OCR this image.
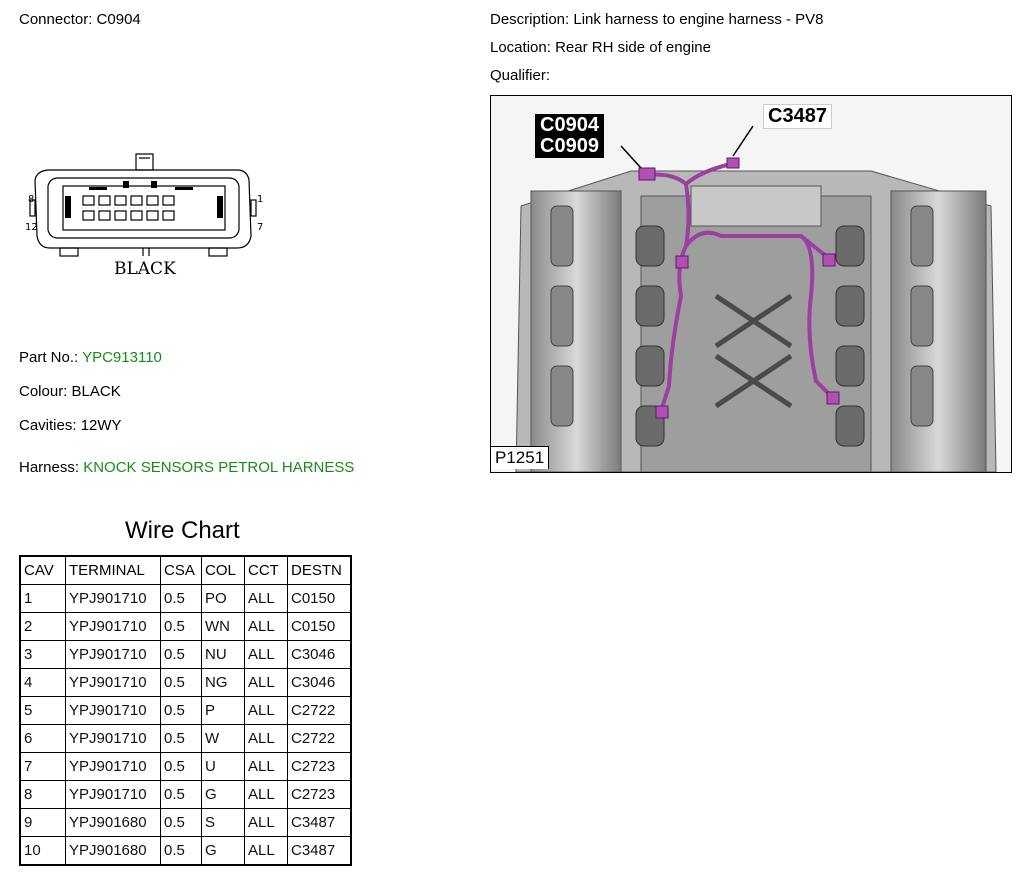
Connector: C0904	Description: Link harness to engine harness - PV8
Location: Rear RH side of engine
Qualifier:
8
12
1
7
BLACK
Part No.: YPC913110
Colour: BLACK
Cavities: 12WY
Harness: KNOCK SENSORS PETROL HARNESS
C0904
C0909
C3487
P1251
Wire Chart
CAV	TERMINAL	CSA	COL	CCT	DESTN
1	YPJ901710	0.5	PO	ALL	C0150
2	YPJ901710	0.5	WN	ALL	C0150
3	YPJ901710	0.5	NU	ALL	C3046
4	YPJ901710	0.5	NG	ALL	C3046
5	YPJ901710	0.5	P	ALL	C2722
6	YPJ901710	0.5	W	ALL	C2722
7	YPJ901710	0.5	U	ALL	C2723
8	YPJ901710	0.5	G	ALL	C2723
9	YPJ901680	0.5	S	ALL	C3487
10	YPJ901680	0.5	G	ALL	C3487
